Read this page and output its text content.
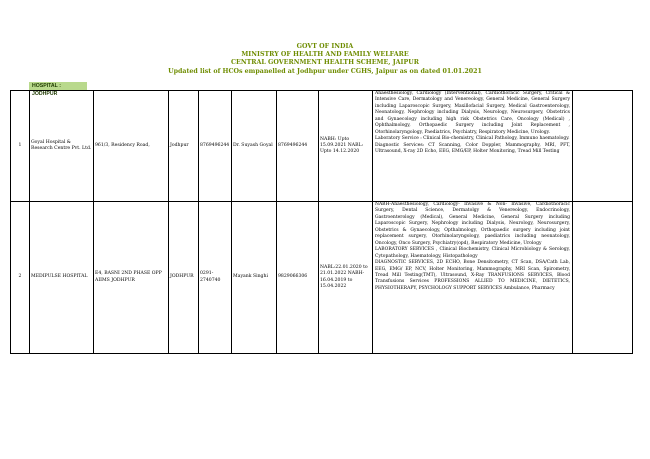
GOVT OF INDIA
MINISTRY OF HEALTH AND FAMILY WELFARE
CENTRAL GOVERNMENT HEALTH SCHEME, JAIPUR
Updated list of HCOs empanelled at Jodhpur under CGHS, Jaipur as on dated 01.01.2021
HOSPITAL : JODHPUR
1	Goyal Hospital & Research Centre Pvt. Ltd.	961/3, Residency Road,	Jodhpur	8769496244	Dr. Suyash Goyal	8769496244	NABH: Upto 15.09.2021 NABL: Upto 14.12.2020	Anaesthesiology, Cardiology (Interventional), Cardiothoracic Surgery, Critical & Intensive Care, Dermatology and Venereology, General Medicine, General Surgery including Laparoscopic Surgery, Maxillofacial Surgery, Medical Gastroenterology, Neonatology, Nephrology including Dialysis, Neurology, Neurosurgery, Obstetrics and Gynaecology including high risk Obstetrics Care, Oncology (Medical) , Ophthalmology, Orthopaedic Surgery including Joint Replacement , Otorhinolaryngology, Paediatrics, Psychiatry, Respiratory Medicine, Urology.
Laboratory Service : Clinical Bio-chemistry, Clinical Pathology, Immuno haematology.
Diagnostic Services: CT Scanning, Color Doppler, Mammography, MRI, PFT, Ultrasound, X-ray 2D Echo, EEG, EMG/EP, Holter Monitoring, Tread Mill Testing	

2	MEDIPULSE HOSPITAL	E4, BASNI 2ND PHASE OPP AIIMS JODHPUR	JODHPUR	0291-2740740	Mayank Singhi	9829066306	NABL:22.01.2020 to 21.01.2022 NABH- 16.04.2019 to 15.04.2022	NABH-Anaesthesiology, Cardiology- Invasive & Non- Invasive, Cardiothoracic Surgery, Dental Science, Dermatolgy & Venereology, Endocrinology, Gastroenterology (Medical), General Medicine, General Surgery including Laparoscopic Surgery, Nephrology including Dialysis, Neurology, Neurosurgery, Obstetrics & Gynaecology, Opthalmology, Orthopaedic surgery including joint replacement surgery, Otorhinolaryngology, paediatrics including neonatology, Oncology, Onco Surgery, Psychiatry(opd), Respiratory Medicine, Urology
LABORATORY SERVICES , Clinical Biochemistry, Clinical Microbiology & Serology, Cytopathology, Haematology, Histopathology
DIAGNOSTIC SERVICES, 2D ECHO, Bone Densitometry, CT Scan, DSA/Cath Lab, EEG, EMG/ EP, NCV, Holter Monitoring, Mammography, MRI Scan, Spirometry, Tread Mill Testing(TMT), Ultrasound, X-Ray TRANFUSIONS SERVICES, Blood Transfusions Services PROFESSIONS ALLIED TO MEDICINE, DIETETICS, PHYSIOTHERAPY, PSYCHOLOGY SUPPORT SERVICES Ambulance, Pharmacy	
